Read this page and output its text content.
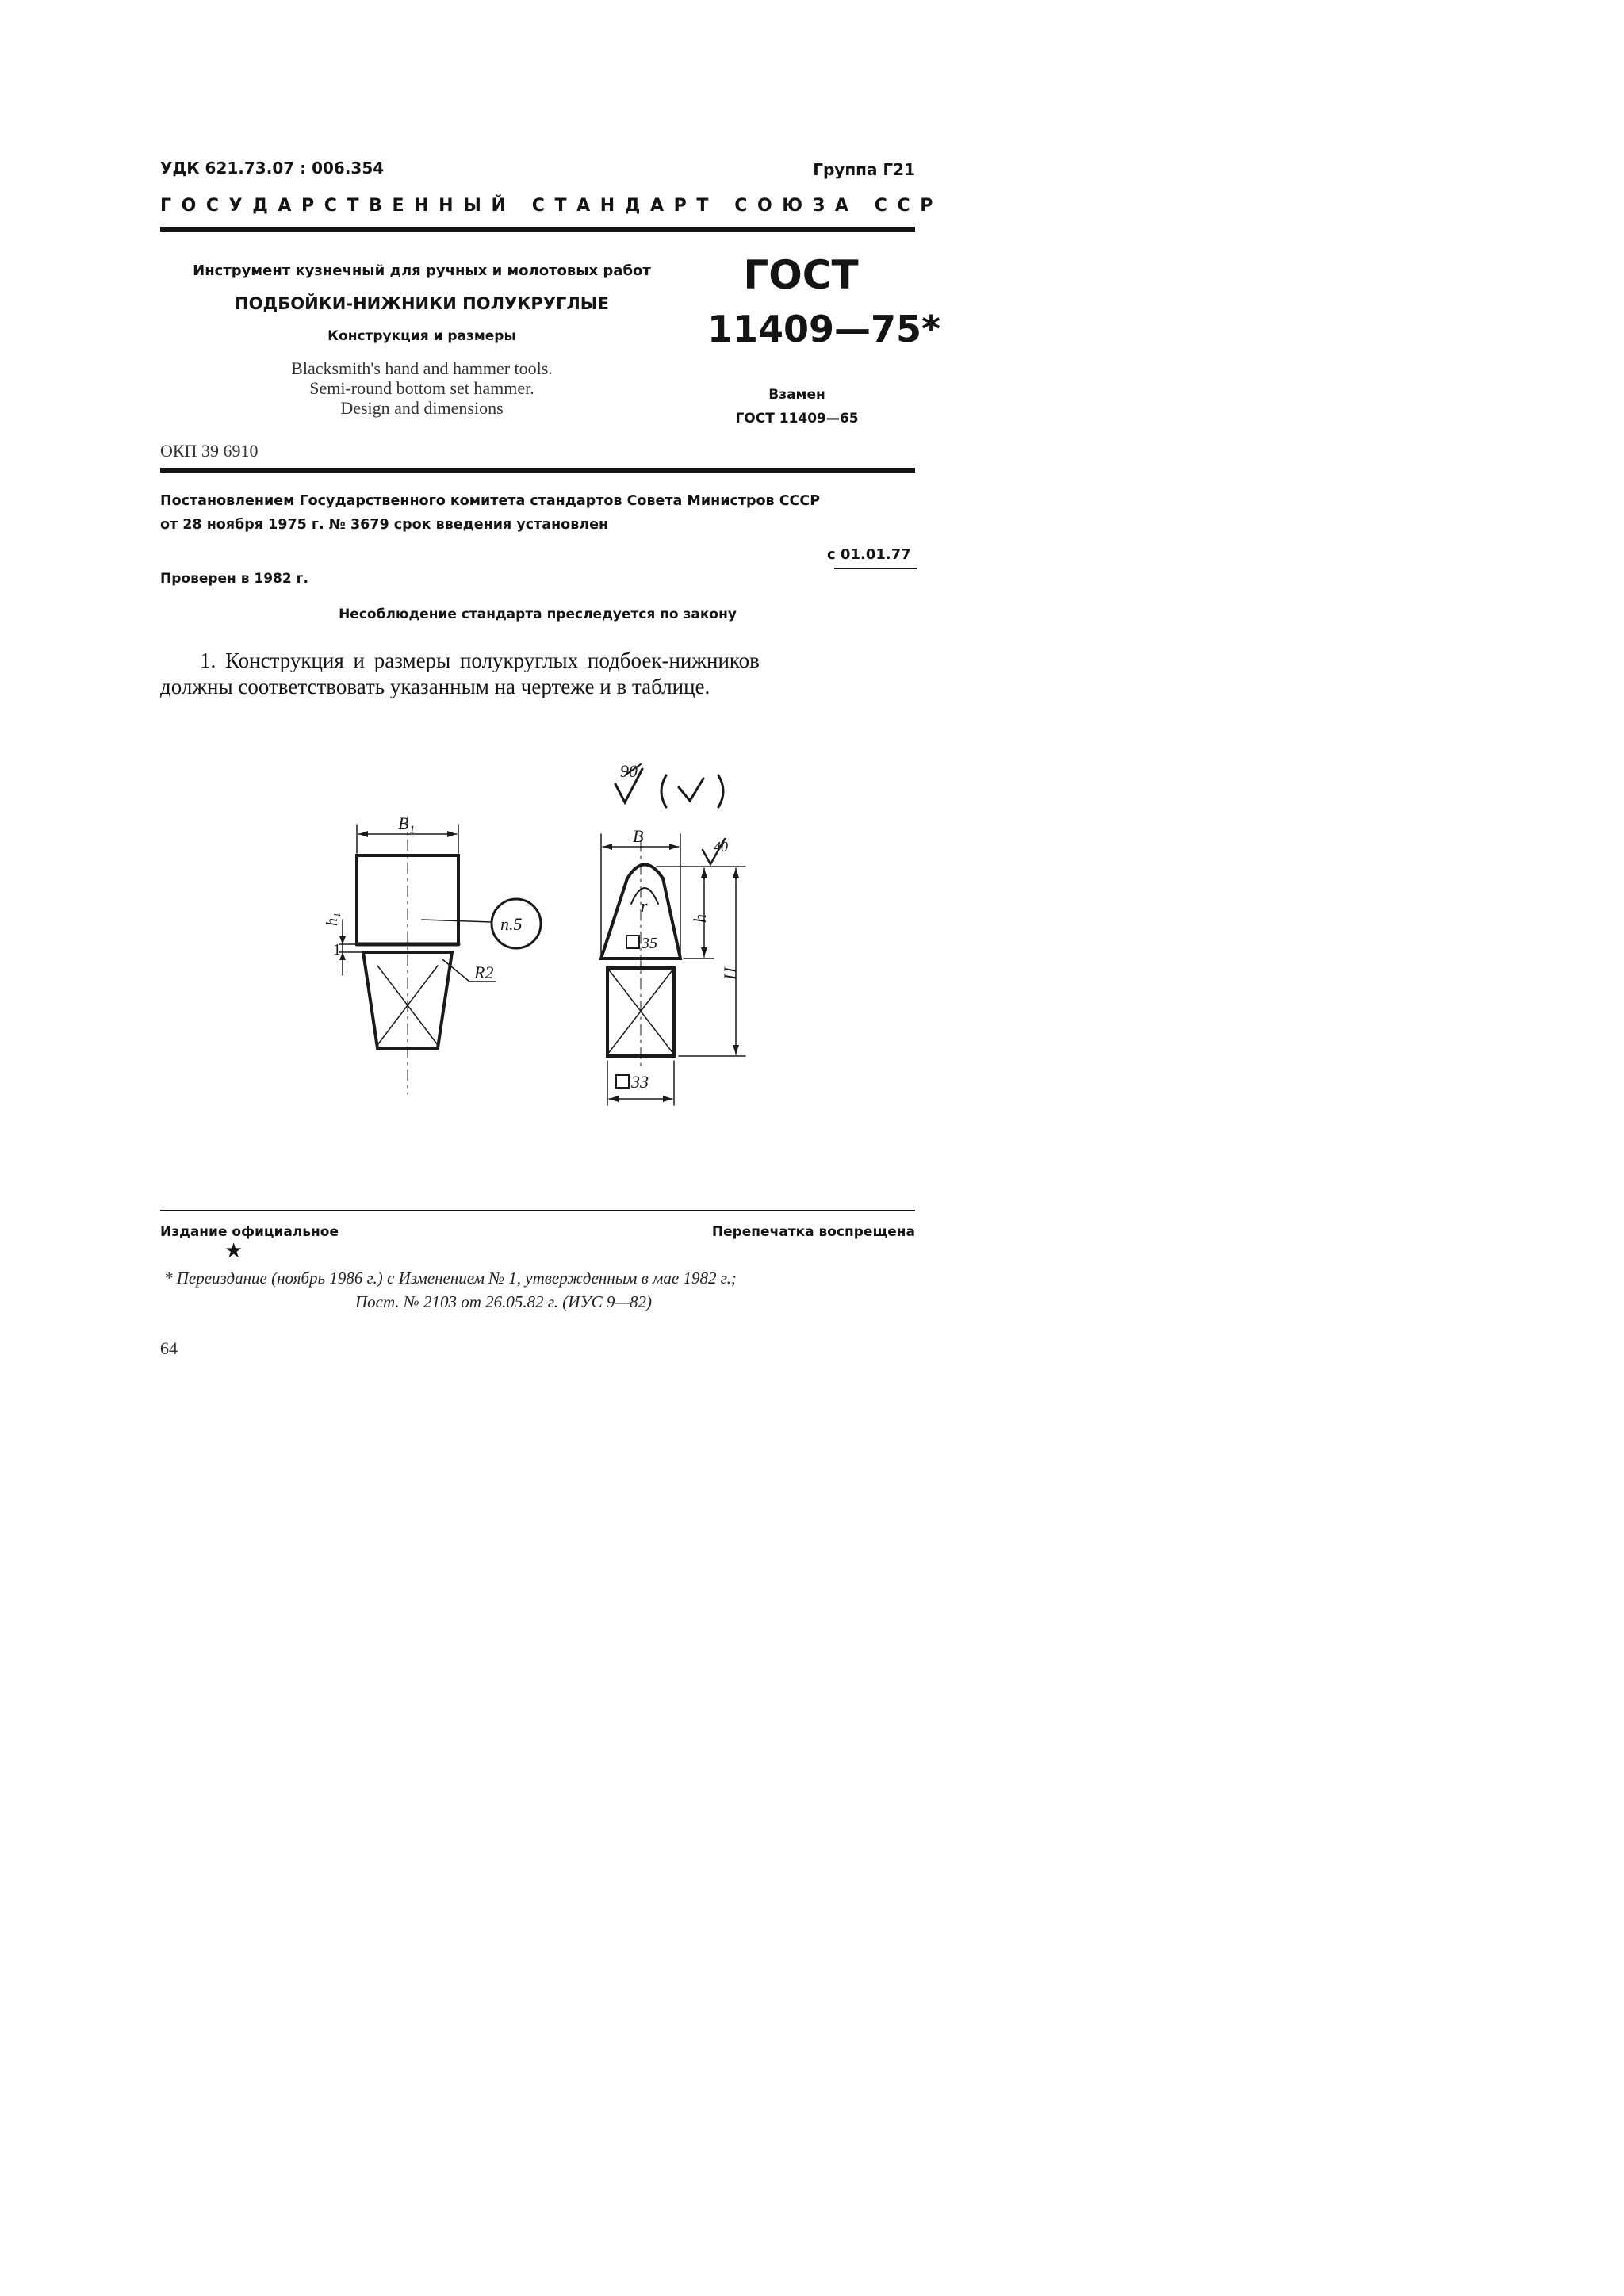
УДК 621.73.07 : 006.354	Группа Г21
ГОСУДАРСТВЕННЫЙ СТАНДАРТ СОЮЗА ССР
Инструмент кузнечный для ручных и молотовых работ
ПОДБОЙКИ-НИЖНИКИ ПОЛУКРУГЛЫЕ
Конструкция и размеры
Blacksmith's hand and hammer tools.
Semi-round bottom set hammer.
Design and dimensions
ОКП 39 6910
ГОСТ
11409—75*
Взамен
ГОСТ 11409—65
Постановлением Государственного комитета стандартов Совета Министров СССР
от 28 ноября 1975 г. № 3679 срок введения установлен
с 01.01.77
Проверен в 1982 г.
Несоблюдение стандарта преследуется по закону
1. Конструкция и размеры полукруглых подбоек-нижников
должны соответствовать указанным на чертеже и в таблице.
90
B₁
h₁
1
п.5
R2
B
r
h
H
35
33
40
Издание официальное	Перепечатка воспрещена
★
* Переиздание (ноябрь 1986 г.) с Изменением № 1, утвержденным в мае 1982 г.;
Пост. № 2103 от 26.05.82 г. (ИУС 9—82)
64
